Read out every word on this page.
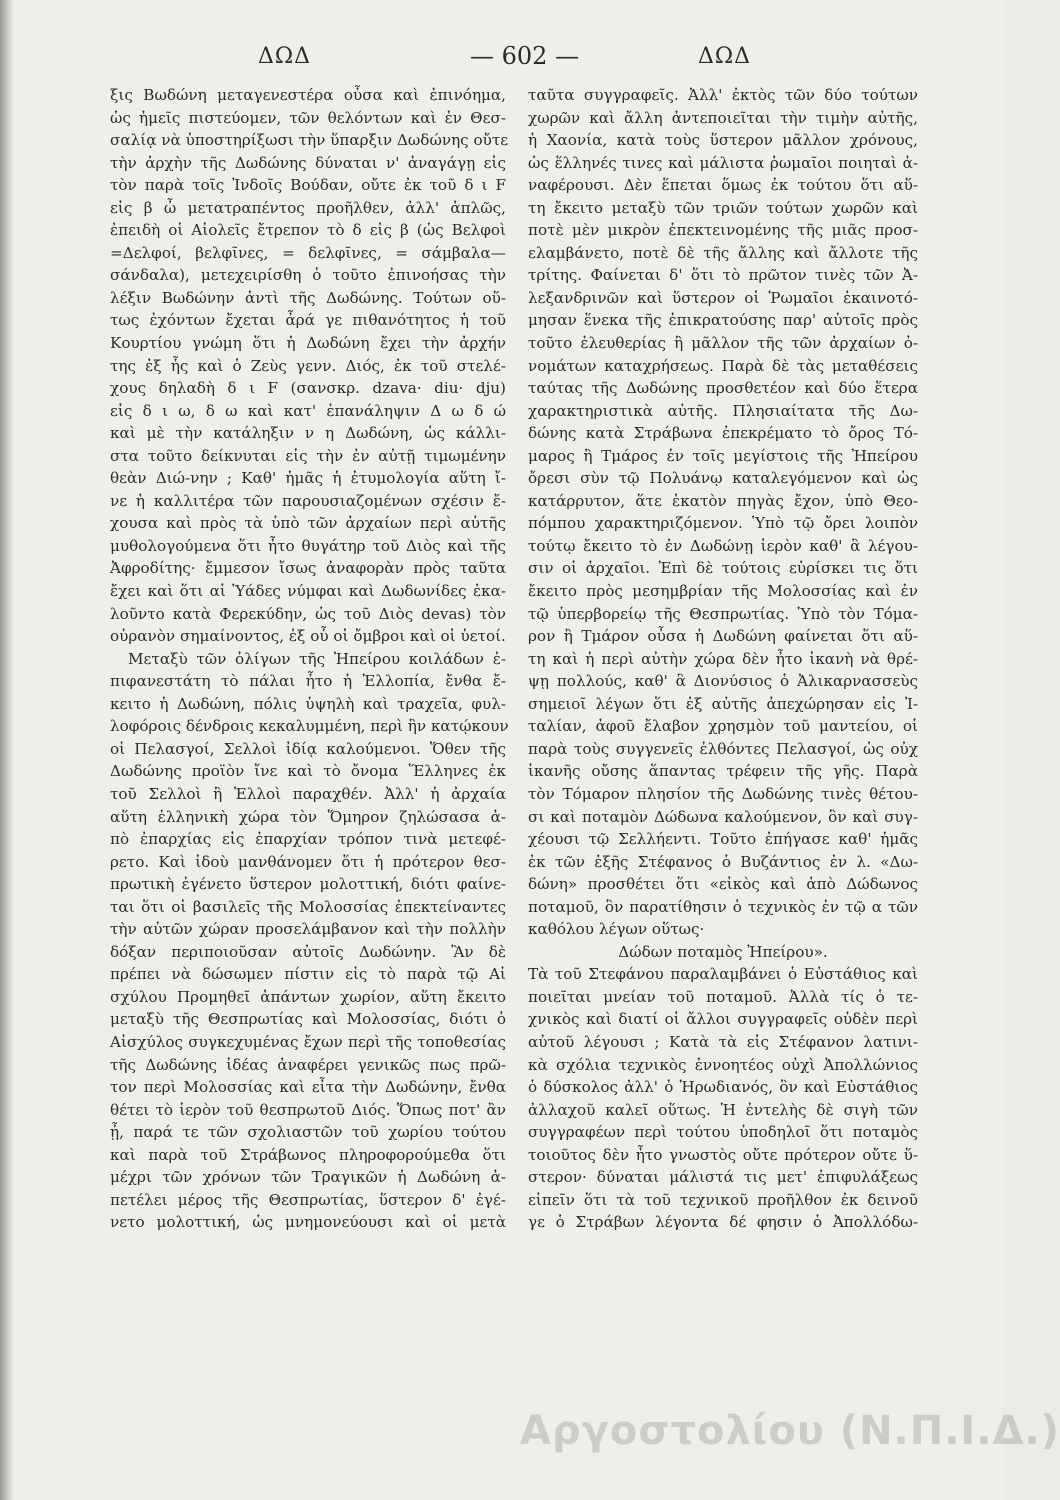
ΔΩΔ	— 602 —	ΔΩΔ
ξις Βωδώνη μεταγενεστέρα οὖσα καὶ ἐπινόημα,
ὡς ἡμεῖς πιστεύομεν, τῶν θελόντων καὶ ἐν Θεσ-
σαλίᾳ νὰ ὑποστηρίξωσι τὴν ὕπαρξιν Δωδώνης οὔτε
τὴν ἀρχὴν τῆς Δωδώνης δύναται ν' ἀναγάγῃ εἰς
τὸν παρὰ τοῖς Ἰνδοῖς Βούδαν, οὔτε ἐκ τοῦ δ ι F
εἰς β ὦ μετατραπέντος προῆλθεν, ἀλλ' ἁπλῶς,
ἐπειδὴ οἱ Αἰολεῖς ἔτρεπον τὸ δ εἰς β (ὡς Βελφοὶ
=Δελφοί, βελφῖνες, = δελφῖνες, = σάμβαλα—
σάνδαλα), μετεχειρίσθη ὁ τοῦτο ἐπινοήσας τὴν
λέξιν Βωδώνην ἀντὶ τῆς Δωδώνης. Τούτων οὕ-
τως ἐχόντων ἔχεται ἆρά γε πιθανότητος ἡ τοῦ
Κουρτίου γνώμη ὅτι ἡ Δωδώνη ἔχει τὴν ἀρχήν
της ἐξ ἧς καὶ ὁ Ζεὺς γενν. Διός, ἐκ τοῦ στελέ-
χους δηλαδὴ δ ι F (σανσκρ. dzava· diu· dju)
εἰς δ ι ω, δ ω καὶ κατ' ἐπανάληψιν Δ ω δ ώ
καὶ μὲ τὴν κατάληξιν ν η Δωδώνη, ὡς κάλλι-
στα τοῦτο δείκνυται εἰς τὴν ἐν αὐτῇ τιμωμένην
θεὰν Διώ-νην ; Καθ' ἡμᾶς ἡ ἐτυμολογία αὕτη ἴ-
νε ἡ καλλιτέρα τῶν παρουσιαζομένων σχέσιν ἔ-
χουσα καὶ πρὸς τὰ ὑπὸ τῶν ἀρχαίων περὶ αὐτῆς
μυθολογούμενα ὅτι ἦτο θυγάτηρ τοῦ Διὸς καὶ τῆς
Ἀφροδίτης· ἔμμεσον ἴσως ἀναφορὰν πρὸς ταῦτα
ἔχει καὶ ὅτι αἱ Ὑάδες νύμφαι καὶ Δωδωνίδες ἐκα-
λοῦντο κατὰ Φερεκύδην, ὡς τοῦ Διὸς devas) τὸν
οὐρανὸν σημαίνοντος, ἐξ οὗ οἱ ὄμβροι καὶ οἱ ὑετοί.
Μεταξὺ τῶν ὀλίγων τῆς Ἠπείρου κοιλάδων ἐ-
πιφανεστάτη τὸ πάλαι ἦτο ἡ Ἑλλοπία, ἔνθα ἔ-
κειτο ἡ Δωδώνη, πόλις ὑψηλὴ καὶ τραχεῖα, φυλ-
λοφόροις δένδροις κεκαλυμμένη, περὶ ἣν κατῴκουν
οἱ Πελασγοί, Σελλοὶ ἰδίᾳ καλούμενοι. Ὅθεν τῆς
Δωδώνης προϊὸν ἴνε καὶ τὸ ὄνομα Ἕλληνες ἐκ
τοῦ Σελλοὶ ἢ Ἑλλοὶ παραχθέν. Ἀλλ' ἡ ἀρχαία
αὕτη ἑλληνικὴ χώρα τὸν Ὅμηρον ζηλώσασα ἀ-
πὸ ἐπαρχίας εἰς ἐπαρχίαν τρόπον τινὰ μετεφέ-
ρετο. Καὶ ἰδοὺ μανθάνομεν ὅτι ἡ πρότερον θεσ-
πρωτικὴ ἐγένετο ὕστερον μολοττική, διότι φαίνε-
ται ὅτι οἱ βασιλεῖς τῆς Μολοσσίας ἐπεκτείναντες
τὴν αὐτῶν χώραν προσελάμβανον καὶ τὴν πολλὴν
δόξαν περιποιοῦσαν αὐτοῖς Δωδώνην. Ἂν δὲ
πρέπει νὰ δώσωμεν πίστιν εἰς τὸ παρὰ τῷ Αἰ
σχύλου Προμηθεῖ ἁπάντων χωρίον, αὕτη ἔκειτο
μεταξὺ τῆς Θεσπρωτίας καὶ Μολοσσίας, διότι ὁ
Αἰσχύλος συγκεχυμένας ἔχων περὶ τῆς τοποθεσίας
τῆς Δωδώνης ἰδέας ἀναφέρει γενικῶς πως πρῶ-
τον περὶ Μολοσσίας καὶ εἶτα τὴν Δωδώνην, ἔνθα
θέτει τὸ ἱερὸν τοῦ θεσπρωτοῦ Διός. Ὅπως ποτ' ἂν
ᾖ, παρά τε τῶν σχολιαστῶν τοῦ χωρίου τούτου
καὶ παρὰ τοῦ Στράβωνος πληροφορούμεθα ὅτι
μέχρι τῶν χρόνων τῶν Τραγικῶν ἡ Δωδώνη ἀ-
πετέλει μέρος τῆς Θεσπρωτίας, ὕστερον δ' ἐγέ-
νετο μολοττική, ὡς μνημονεύουσι καὶ οἱ μετὰ
ταῦτα συγγραφεῖς. Ἀλλ' ἐκτὸς τῶν δύο τούτων
χωρῶν καὶ ἄλλη ἀντεποιεῖται τὴν τιμὴν αὐτῆς,
ἡ Χαονία, κατὰ τοὺς ὕστερον μᾶλλον χρόνους,
ὡς ἕλληνές τινες καὶ μάλιστα ῥωμαῖοι ποιηταὶ ἀ-
ναφέρουσι. Δὲν ἕπεται ὅμως ἐκ τούτου ὅτι αὕ-
τη ἔκειτο μεταξὺ τῶν τριῶν τούτων χωρῶν καὶ
ποτὲ μὲν μικρὸν ἐπεκτεινομένης τῆς μιᾶς προσ-
ελαμβάνετο, ποτὲ δὲ τῆς ἄλλης καὶ ἄλλοτε τῆς
τρίτης. Φαίνεται δ' ὅτι τὸ πρῶτον τινὲς τῶν Ἀ-
λεξανδρινῶν καὶ ὕστερον οἱ Ῥωμαῖοι ἐκαινοτό-
μησαν ἕνεκα τῆς ἐπικρατούσης παρ' αὐτοῖς πρὸς
τοῦτο ἐλευθερίας ἢ μᾶλλον τῆς τῶν ἀρχαίων ὀ-
νομάτων καταχρήσεως. Παρὰ δὲ τὰς μεταθέσεις
ταύτας τῆς Δωδώνης προσθετέον καὶ δύο ἕτερα
χαρακτηριστικὰ αὐτῆς. Πλησιαίτατα τῆς Δω-
δώνης κατὰ Στράβωνα ἐπεκρέματο τὸ ὄρος Τό-
μαρος ἢ Τμάρος ἐν τοῖς μεγίστοις τῆς Ἠπείρου
ὄρεσι σὺν τῷ Πολυάνῳ καταλεγόμενον καὶ ὡς
κατάρρυτον, ἅτε ἑκατὸν πηγὰς ἔχον, ὑπὸ Θεο-
πόμπου χαρακτηριζόμενον. Ὑπὸ τῷ ὄρει λοιπὸν
τούτῳ ἔκειτο τὸ ἐν Δωδώνῃ ἱερὸν καθ' ἃ λέγου-
σιν οἱ ἀρχαῖοι. Ἐπὶ δὲ τούτοις εὑρίσκει τις ὅτι
ἔκειτο πρὸς μεσημβρίαν τῆς Μολοσσίας καὶ ἐν
τῷ ὑπερβορείῳ τῆς Θεσπρωτίας. Ὑπὸ τὸν Τόμα-
ρον ἢ Τμάρον οὖσα ἡ Δωδώνη φαίνεται ὅτι αὕ-
τη καὶ ἡ περὶ αὐτὴν χώρα δὲν ἦτο ἱκανὴ νὰ θρέ-
ψῃ πολλούς, καθ' ἃ Διονύσιος ὁ Ἀλικαρνασσεὺς
σημειοῖ λέγων ὅτι ἐξ αὐτῆς ἀπεχώρησαν εἰς Ἰ-
ταλίαν, ἀφοῦ ἔλαβον χρησμὸν τοῦ μαντείου, οἱ
παρὰ τοὺς συγγενεῖς ἐλθόντες Πελασγοί, ὡς οὐχ
ἱκανῆς οὔσης ἅπαντας τρέφειν τῆς γῆς. Παρὰ
τὸν Τόμαρον πλησίον τῆς Δωδώνης τινὲς θέτου-
σι καὶ ποταμὸν Δώδωνα καλούμενον, ὃν καὶ συγ-
χέουσι τῷ Σελλήεντι. Τοῦτο ἐπήγασε καθ' ἡμᾶς
ἐκ τῶν ἑξῆς Στέφανος ὁ Βυζάντιος ἐν λ. «Δω-
δώνη» προσθέτει ὅτι «εἰκὸς καὶ ἀπὸ Δώδωνος
ποταμοῦ, ὃν παρατίθησιν ὁ τεχνικὸς ἐν τῷ α τῶν
καθόλου λέγων οὕτως·
Δώδων ποταμὸς Ἠπείρου».
Τὰ τοῦ Στεφάνου παραλαμβάνει ὁ Εὐστάθιος καὶ
ποιεῖται μνείαν τοῦ ποταμοῦ. Ἀλλὰ τίς ὁ τε-
χνικὸς καὶ διατί οἱ ἄλλοι συγγραφεῖς οὐδὲν περὶ
αὐτοῦ λέγουσι ; Κατὰ τὰ εἰς Στέφανον λατινι-
κὰ σχόλια τεχνικὸς ἐννοητέος οὐχὶ Ἀπολλώνιος
ὁ δύσκολος ἀλλ' ὁ Ἡρωδιανός, ὃν καὶ Εὐστάθιος
ἀλλαχοῦ καλεῖ οὕτως. Ἡ ἐντελὴς δὲ σιγὴ τῶν
συγγραφέων περὶ τούτου ὑποδηλοῖ ὅτι ποταμὸς
τοιοῦτος δὲν ἦτο γνωστὸς οὔτε πρότερον οὔτε ὕ-
στερον· δύναται μάλιστά τις μετ' ἐπιφυλάξεως
εἰπεῖν ὅτι τὰ τοῦ τεχνικοῦ προῆλθον ἐκ δεινοῦ
γε ὁ Στράβων λέγοντα δέ φησιν ὁ Ἀπολλόδω-
Αργοστολίου (Ν.Π.Ι.Δ.)
